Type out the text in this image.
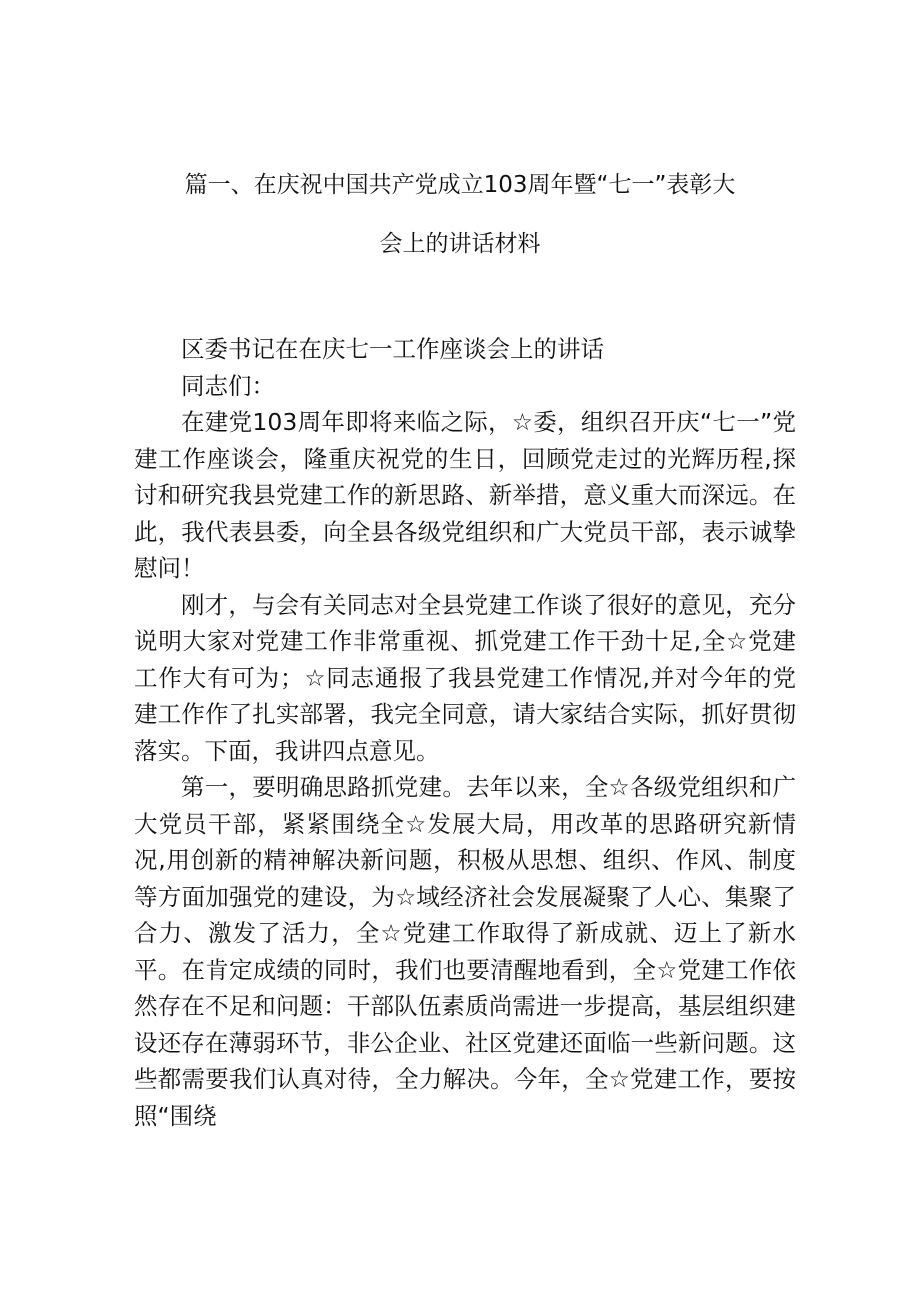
篇一、在庆祝中国共产党成立103周年暨“七一”表彰大
会上的讲话材料

区委书记在在庆七一工作座谈会上的讲话

同志们：

在建党103周年即将来临之际，☆委，组织召开庆“七一”党建工作座谈会，隆重庆祝党的生日，回顾党走过的光辉历程,探讨和研究我县党建工作的新思路、新举措，意义重大而深远。在此，我代表县委，向全县各级党组织和广大党员干部，表示诚挚慰问！

刚才，与会有关同志对全县党建工作谈了很好的意见，充分说明大家对党建工作非常重视、抓党建工作干劲十足,全☆党建工作大有可为；☆同志通报了我县党建工作情况,并对今年的党建工作作了扎实部署，我完全同意，请大家结合实际，抓好贯彻落实。下面，我讲四点意见。

第一，要明确思路抓党建。去年以来，全☆各级党组织和广大党员干部，紧紧围绕全☆发展大局，用改革的思路研究新情况,用创新的精神解决新问题，积极从思想、组织、作风、制度等方面加强党的建设，为☆域经济社会发展凝聚了人心、集聚了合力、激发了活力，全☆党建工作取得了新成就、迈上了新水平。在肯定成绩的同时，我们也要清醒地看到，全☆党建工作依然存在不足和问题：干部队伍素质尚需进一步提高，基层组织建设还存在薄弱环节，非公企业、社区党建还面临一些新问题。这些都需要我们认真对待，全力解决。今年，全☆党建工作，要按照“围绕
